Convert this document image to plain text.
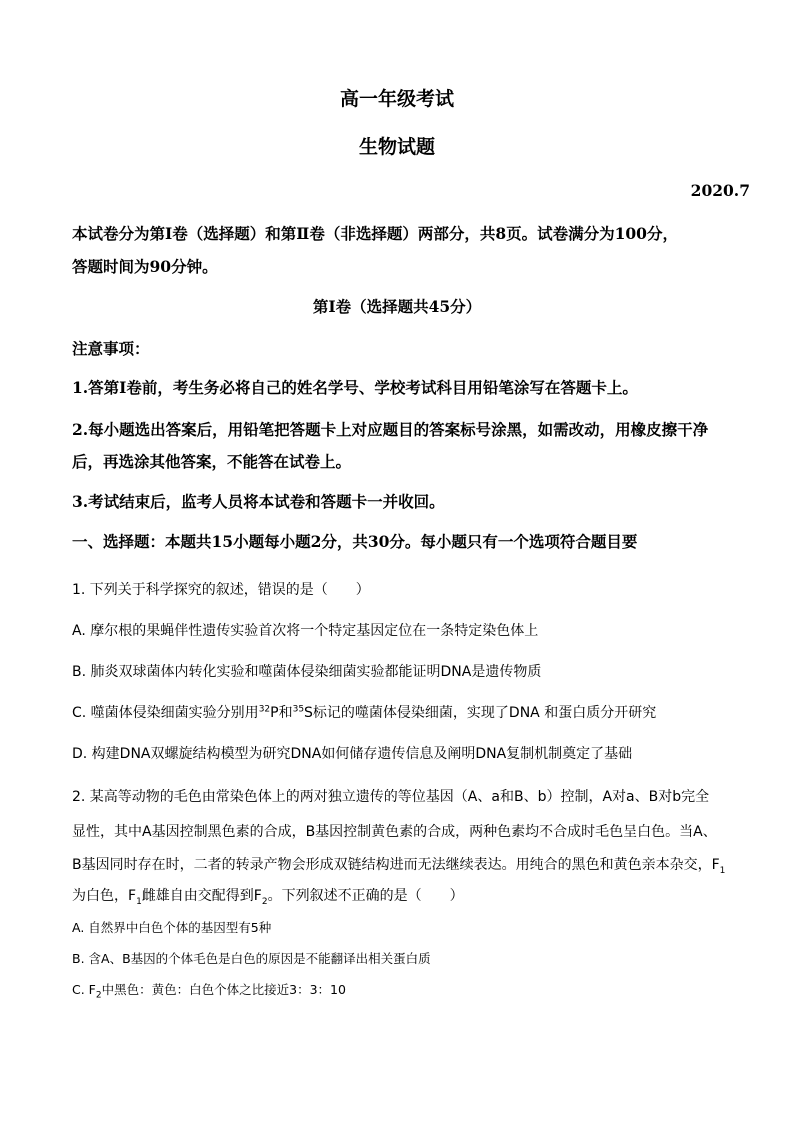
高一年级考试
生物试题
2020.7
本试卷分为第Ⅰ卷（选择题）和第Ⅱ卷（非选择题）两部分，共8页。试卷满分为100分，
答题时间为90分钟。
第Ⅰ卷（选择题共45分）
注意事项：
1.答第Ⅰ卷前，考生务必将自己的姓名学号、学校考试科目用铅笔涂写在答题卡上。
2.每小题选出答案后，用铅笔把答题卡上对应题目的答案标号涂黑，如需改动，用橡皮擦干净
后，再选涂其他答案，不能答在试卷上。
3.考试结束后，监考人员将本试卷和答题卡一并收回。
一、选择题：本题共15小题每小题2分，共30分。每小题只有一个选项符合题目要
1. 下列关于科学探究的叙述，错误的是（　　）
A. 摩尔根的果蝇伴性遗传实验首次将一个特定基因定位在一条特定染色体上
B. 肺炎双球菌体内转化实验和噬菌体侵染细菌实验都能证明DNA是遗传物质
C. 噬菌体侵染细菌实验分别用$^{32}$P和$^{35}$S标记的噬菌体侵染细菌，实现了DNA 和蛋白质分开研究
D. 构建DNA双螺旋结构模型为研究DNA如何储存遗传信息及阐明DNA复制机制奠定了基础
2. 某高等动物的毛色由常染色体上的两对独立遗传的等位基因（A、a和B、b）控制，A对a、B对b完全
显性，其中A基因控制黑色素的合成，B基因控制黄色素的合成，两种色素均不合成时毛色呈白色。当A、
B基因同时存在时，二者的转录产物会形成双链结构进而无法继续表达。用纯合的黑色和黄色亲本杂交，$F_1$
为白色，$F_1$雌雄自由交配得到$F_2$。下列叙述不正确的是（　　）
A. 自然界中白色个体的基因型有5种
B. 含A、B基因的个体毛色是白色的原因是不能翻译出相关蛋白质
C. $F_2$中黑色：黄色：白色个体之比接近3：3：10
